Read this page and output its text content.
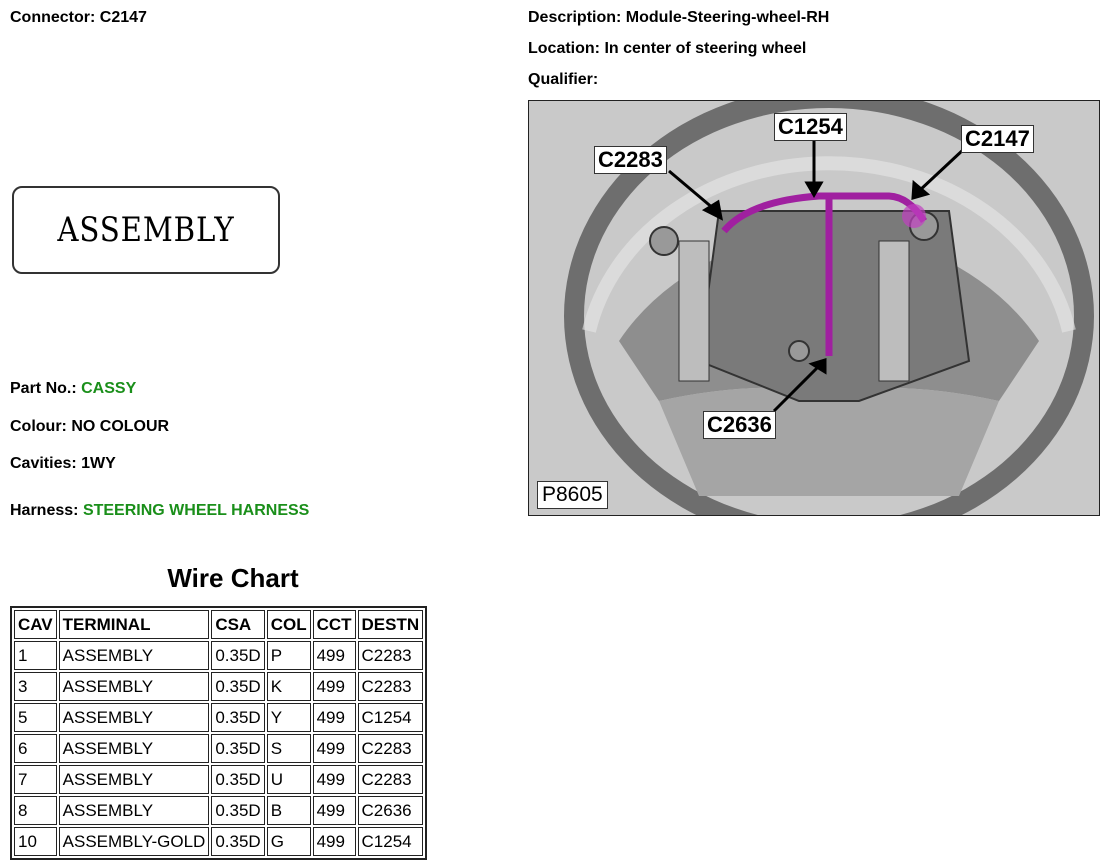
Connector: C2147	Description: Module-Steering-wheel-RH
Location: In center of steering wheel
Qualifier:
ASSEMBLY
Part No.: CASSY
Colour: NO COLOUR
Cavities: 1WY
Harness: STEERING WHEEL HARNESS
Wire Chart
CAV	TERMINAL	CSA	COL	CCT	DESTN
1	ASSEMBLY	0.35D	P	499	C2283
3	ASSEMBLY	0.35D	K	499	C2283
5	ASSEMBLY	0.35D	Y	499	C1254
6	ASSEMBLY	0.35D	S	499	C2283
7	ASSEMBLY	0.35D	U	499	C2283
8	ASSEMBLY	0.35D	B	499	C2636
10	ASSEMBLY-GOLD	0.35D	G	499	C1254
C1254
C2283
C2147
C2636
P8605
